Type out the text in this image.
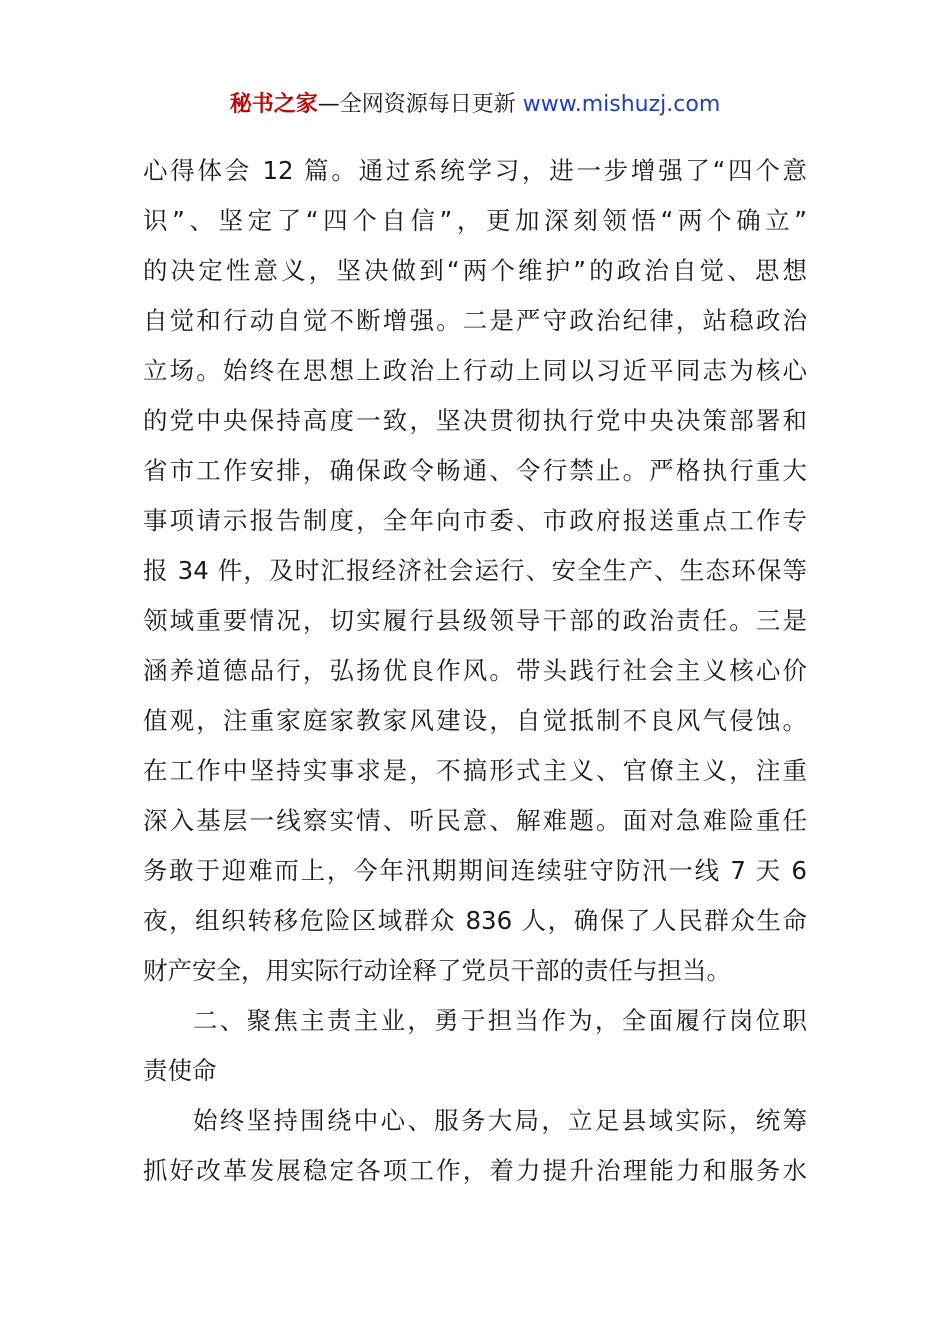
秘书之家—全网资源每日更新 www.mishuzj.com
心得体会 12 篇。通过系统学习，进一步增强了“四个意
识”、坚定了“四个自信”，更加深刻领悟“两个确立”
的决定性意义，坚决做到“两个维护”的政治自觉、思想
自觉和行动自觉不断增强。二是严守政治纪律，站稳政治
立场。始终在思想上政治上行动上同以习近平同志为核心
的党中央保持高度一致，坚决贯彻执行党中央决策部署和
省市工作安排，确保政令畅通、令行禁止。严格执行重大
事项请示报告制度，全年向市委、市政府报送重点工作专
报 34 件，及时汇报经济社会运行、安全生产、生态环保等
领域重要情况，切实履行县级领导干部的政治责任。三是
涵养道德品行，弘扬优良作风。带头践行社会主义核心价
值观，注重家庭家教家风建设，自觉抵制不良风气侵蚀。
在工作中坚持实事求是，不搞形式主义、官僚主义，注重
深入基层一线察实情、听民意、解难题。面对急难险重任
务敢于迎难而上，今年汛期期间连续驻守防汛一线 7 天 6
夜，组织转移危险区域群众 836 人，确保了人民群众生命
财产安全，用实际行动诠释了党员干部的责任与担当。
二、聚焦主责主业，勇于担当作为，全面履行岗位职
责使命
始终坚持围绕中心、服务大局，立足县域实际，统筹
抓好改革发展稳定各项工作，着力提升治理能力和服务水
